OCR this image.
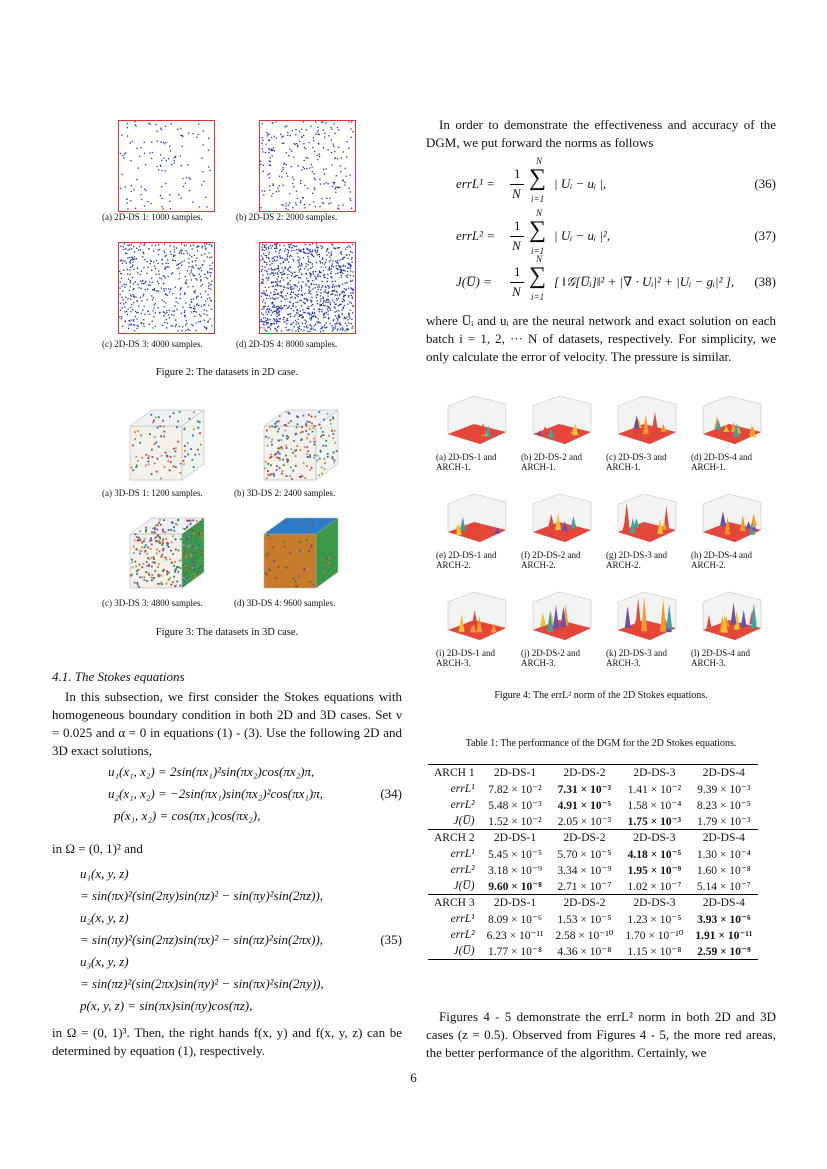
(a) 2D-DS 1: 1000 samples.	(b) 2D-DS 2: 2000 samples.
(c) 2D-DS 3: 4000 samples.	(d) 2D-DS 4: 8000 samples.
Figure 2: The datasets in 2D case.
(a) 3D-DS 1: 1200 samples.	(b) 3D-DS 2: 2400 samples.
(c) 3D-DS 3: 4800 samples.	(d) 3D-DS 4: 9600 samples.
Figure 3: The datasets in 3D case.
4.1. The Stokes equations
In this subsection, we first consider the Stokes equations with homogeneous boundary condition in both 2D and 3D cases. Set ν = 0.025 and α = 0 in equations (1) - (3). Use the following 2D and 3D exact solutions,
u₁(x₁, x₂) = 2sin(πx₁)²sin(πx₂)cos(πx₂)π,
u₂(x₁, x₂) = −2sin(πx₁)sin(πx₂)²cos(πx₁)π,
p(x₁, x₂) = cos(πx₁)cos(πx₂),
(34)
in Ω = (0, 1)² and
u₁(x, y, z)
= sin(πx)²(sin(2πy)sin(πz)² − sin(πy)²sin(2πz)),
u₂(x, y, z)
= sin(πy)²(sin(2πz)sin(πx)² − sin(πz)²sin(2πx)),
u₃(x, y, z)
= sin(πz)²(sin(2πx)sin(πy)² − sin(πx)²sin(2πy)),
p(x, y, z) = sin(πx)sin(πy)cos(πz),
(35)
in Ω = (0, 1)³. Then, the right hands f(x, y) and f(x, y, z) can be determined by equation (1), respectively.
In order to demonstrate the effectiveness and accuracy of the DGM, we put forward the norms as follows
errL¹ =
1
N
N
∑
i=1
| Uᵢ − uᵢ |,	(36)
errL² =
1
N
N
∑
i=1
| Uᵢ − uᵢ |²,	(37)
J(U̅) =
1
N
N
∑
i=1
[ ‖𝒢[U̅ᵢ]‖² + |∇ · Uᵢ|² + |Uᵢ − gᵢ|² ], (38)
where U̅ᵢ and uᵢ are the neural network and exact solution on each batch i = 1, 2, ··· N of datasets, respectively. For simplicity, we only calculate the error of velocity. The pressure is similar.
(a) 2D-DS-1 and ARCH-1.
(b) 2D-DS-2 and ARCH-1.
(c) 2D-DS-3 and ARCH-1.
(d) 2D-DS-4 and ARCH-1.
(e) 2D-DS-1 and ARCH-2.
(f) 2D-DS-2 and ARCH-2.
(g) 2D-DS-3 and ARCH-2.
(h) 2D-DS-4 and ARCH-2.
(i) 2D-DS-1 and ARCH-3.
(j) 2D-DS-2 and ARCH-3.
(k) 2D-DS-3 and ARCH-3.
(l) 2D-DS-4 and ARCH-3.
Figure 4: The errL² norm of the 2D Stokes equations.
Table 1: The performance of the DGM for the 2D Stokes equations.
ARCH 1	2D-DS-1	2D-DS-2	2D-DS-3	2D-DS-4
errL¹	7.82 × 10⁻²	7.31 × 10⁻³	1.41 × 10⁻²	9.39 × 10⁻³
errL²	5.48 × 10⁻³	4.91 × 10⁻⁵	1.58 × 10⁻⁴	8.23 × 10⁻⁵
J(U̅)	1.52 × 10⁻²	2.05 × 10⁻³	1.75 × 10⁻³	1.79 × 10⁻³
ARCH 2	2D-DS-1	2D-DS-2	2D-DS-3	2D-DS-4
errL¹	5.45 × 10⁻⁵	5.70 × 10⁻⁵	4.18 × 10⁻⁵	1.30 × 10⁻⁴
errL²	3.18 × 10⁻⁹	3.34 × 10⁻⁹	1.95 × 10⁻⁹	1.60 × 10⁻⁸
J(U̅)	9.60 × 10⁻⁸	2.71 × 10⁻⁷	1.02 × 10⁻⁷	5.14 × 10⁻⁷
ARCH 3	2D-DS-1	2D-DS-2	2D-DS-3	2D-DS-4
errL¹	8.09 × 10⁻⁶	1.53 × 10⁻⁵	1.23 × 10⁻⁵	3.93 × 10⁻⁶
errL²	6.23 × 10⁻¹¹	2.58 × 10⁻¹⁰	1.70 × 10⁻¹⁰	1.91 × 10⁻¹¹
J(U̅)	1.77 × 10⁻⁸	4.36 × 10⁻⁸	1.15 × 10⁻⁸	2.59 × 10⁻⁹
Figures 4 - 5 demonstrate the errL² norm in both 2D and 3D cases (z = 0.5). Observed from Figures 4 - 5, the more red areas, the better performance of the algorithm. Certainly, we
6
